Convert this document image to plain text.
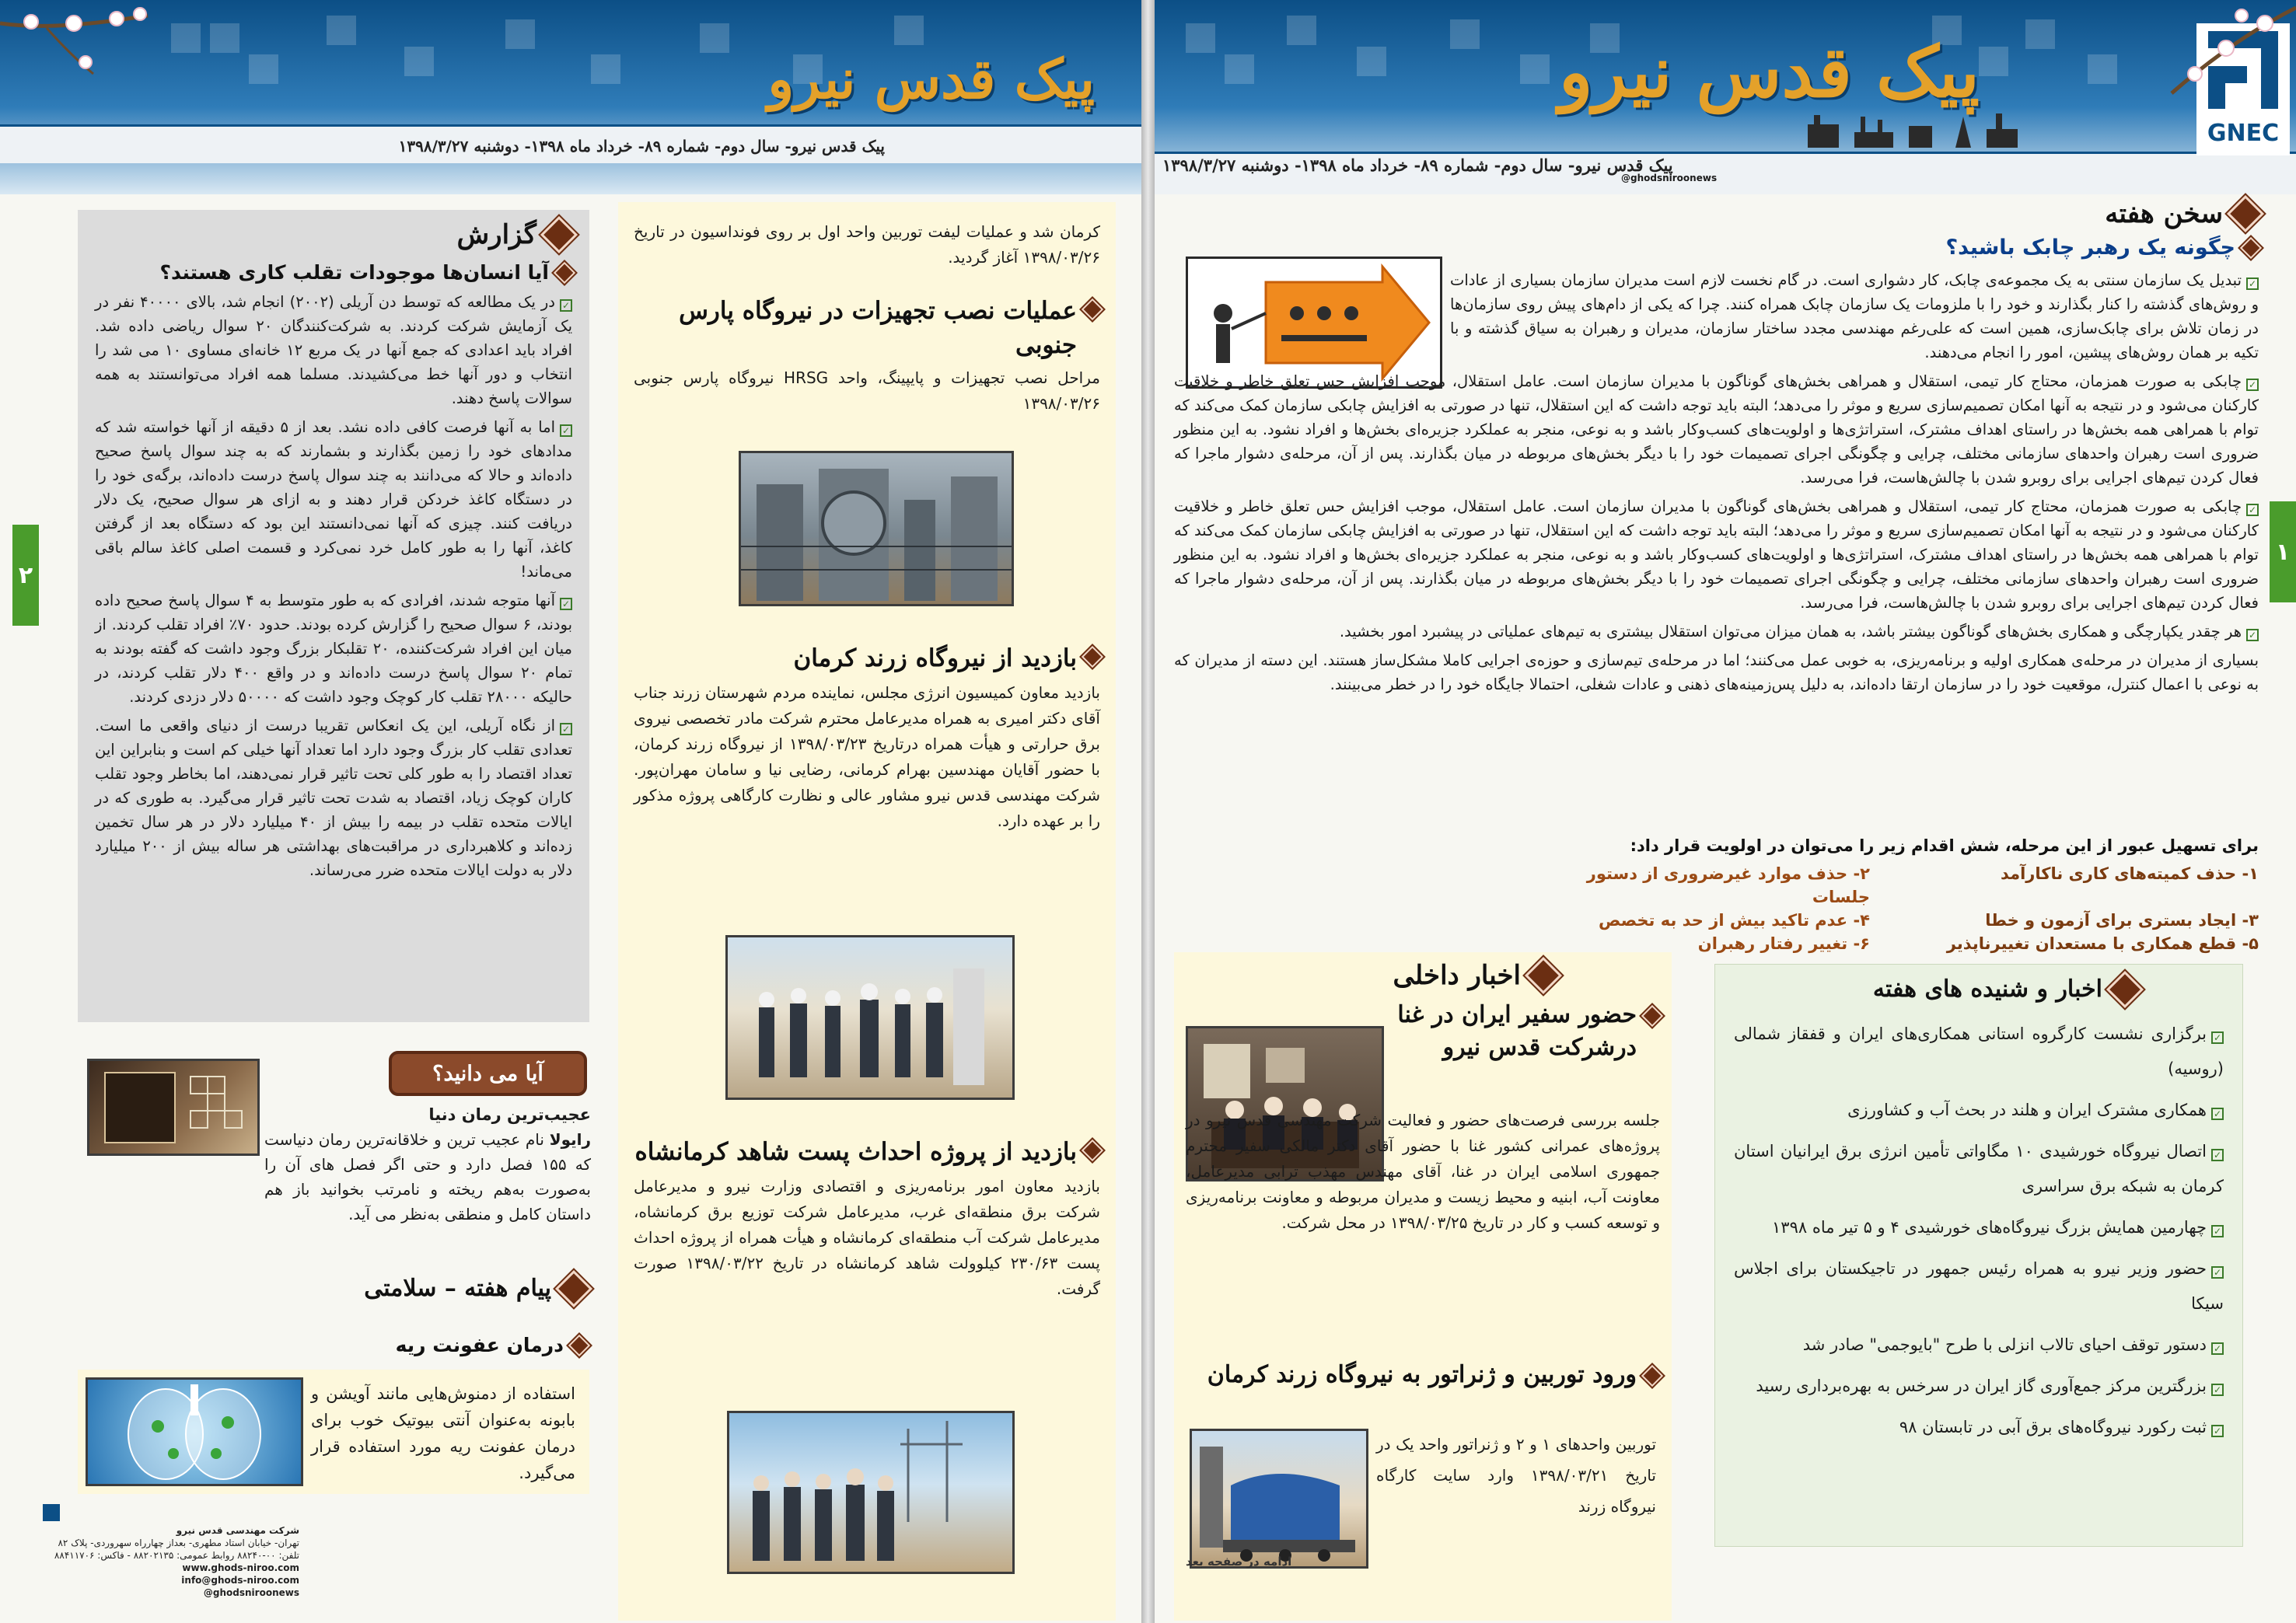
پیک قدس نیرو
پیک قدس نیرو- سال دوم- شماره ۸۹- خرداد ماه ۱۳۹۸- دوشنبه ۱۳۹۸/۳/۲۷
گزارش
آیا انسان‌ها موجودات تقلب کاری هستند؟

✓در یک مطالعه که توسط دن آریلی (۲۰۰۲) انجام شد، بالای ۴۰۰۰۰ نفر در یک آزمایش شرکت کردند. به شرکت‌کنندگان ۲۰ سوال ریاضی داده شد. افراد باید اعدادی که جمع آنها در یک مربع ۱۲ خانه‌ای مساوی ۱۰ می شد را انتخاب و دور آنها خط می‌کشیدند. مسلما همه افراد می‌توانستند به همه سوالات پاسخ دهند.

✓اما به آنها فرصت کافی داده نشد. بعد از ۵ دقیقه از آنها خواسته شد که مدادهای خود را زمین بگذارند و بشمارند که به چند سوال پاسخ صحیح داده‌اند و حالا که می‌دانند به چند سوال پاسخ درست داده‌اند، برگه‌ی خود را در دستگاه کاغذ خردکن قرار دهند و به ازای هر سوال صحیح، یک دلار دریافت کنند. چیزی که آنها نمی‌دانستند این بود که دستگاه بعد از گرفتن کاغذ، آنها را به طور کامل خرد نمی‌کرد و قسمت اصلی کاغذ سالم باقی می‌ماند!

✓آنها متوجه شدند، افرادی که به طور متوسط به ۴ سوال پاسخ صحیح داده بودند، ۶ سوال صحیح را گزارش کرده بودند. حدود ۷۰٪ افراد تقلب کردند. از میان این افراد شرکت‌کننده، ۲۰ تقلبکار بزرگ وجود داشت که گفته بودند به تمام ۲۰ سوال پاسخ درست داده‌اند و در واقع ۴۰۰ دلار تقلب کردند، در حالیکه ۲۸۰۰۰ تقلب کار کوچک وجود داشت که ۵۰۰۰۰ دلار دزدی کردند.

✓از نگاه آریلی، این یک انعکاس تقریبا درست از دنیای واقعی ما است. تعدادی تقلب کار بزرگ وجود دارد اما تعداد آنها خیلی کم است و بنابراین این تعداد اقتصاد را به طور کلی تحت تاثیر قرار نمی‌دهند، اما بخاطر وجود تقلب کاران کوچک زیاد، اقتصاد به شدت تحت تاثیر قرار می‌گیرد. به طوری که در ایالات متحده تقلب در بیمه را بیش از ۴۰ میلیارد دلار در هر سال تخمین زده‌اند و کلاهبرداری در مراقبت‌های بهداشتی هر ساله بیش از ۲۰۰ میلیارد دلار به دولت ایالات متحده ضرر می‌رساند.

آیا می دانید؟
عجیب‌ترین رمان دنیا

رایولا نام عجیب ترین و خلاقانه‌ترین رمان دنیاست که ۱۵۵ فصل دارد و حتی اگر فصل های آن را به‌صورت به‌هم ریخته و نامرتب بخوانید باز هم داستان کامل و منطقی به‌نظر می آید.

پیام هفته – سلامتی
درمان عفونت ریه

استفاده از دمنوش‌هایی مانند آویشن و بابونه به‌عنوان آنتی بیوتیک خوب برای درمان عفونت ریه مورد استفاده قرار می‌گیرد.

شرکت مهندسی قدس نیرو
تهران- خیابان استاد مطهری- بعداز چهارراه سهروردی- پلاک ۸۲
تلفن: ۰۰-۸۸۲۴۰ روابط عمومی: ۸۸۲۰۲۱۳۵ - فاکس: ۸۸۴۱۱۷۰۶
www.ghods-niroo.com
info@ghods-niroo.com
@ghodsniroonews
۲

کرمان شد و عملیات لیفت توربین واحد اول بر روی فونداسیون در تاریخ ۱۳۹۸/۰۳/۲۶ آغاز گردید.

عملیات نصب تجهیزات در نیروگاه پارس جنوبی

مراحل نصب تجهیزات و پایپینگ، واحد HRSG نیروگاه پارس جنوبی ۱۳۹۸/۰۳/۲۶

بازدید از نیروگاه زرند کرمان

بازدید معاون کمیسیون انرژی مجلس، نماینده مردم شهرستان زرند جناب آقای دکتر امیری به همراه مدیرعامل محترم شرکت مادر تخصصی نیروی برق حرارتی و هیأت همراه درتاریخ ۱۳۹۸/۰۳/۲۳ از نیروگاه زرند کرمان، با حضور آقایان مهندسین بهرام کرمانی، رضایی نیا و سامان مهران‌پور. شرکت مهندسی قدس نیرو مشاور عالی و نظارت کارگاهی پروژه مذکور را بر عهده دارد.

بازدید از پروژه احداث پست شاهد کرمانشاه

بازدید معاون امور برنامه‌ریزی و اقتصادی وزارت نیرو و مدیرعامل شرکت برق منطقه‌ای غرب، مدیرعامل شرکت توزیع برق کرمانشاه، مدیرعامل شرکت آب منطقه‌ای کرمانشاه و هیأت همراه از پروژه احداث پست ۲۳۰/۶۳ کیلوولت شاهد کرمانشاه در تاریخ ۱۳۹۸/۰۳/۲۲ صورت گرفت.

GNEC
پیک قدس نیرو
پیک قدس نیرو- سال دوم- شماره ۸۹- خرداد ماه ۱۳۹۸- دوشنبه ۱۳۹۸/۳/۲۷
@ghodsniroonews
۱
سخن هفته
چگونه یک رهبر چابک باشید؟

✓تبدیل یک سازمان سنتی به یک مجموعه‌ی چابک، کار دشواری است. در گام نخست لازم است مدیران سازمان بسیاری از عادات و روش‌های گذشته را کنار بگذارند و خود را با ملزومات یک سازمان چابک همراه کنند. چرا که یکی از دام‌های پیش روی سازمان‌ها در زمان تلاش برای چابک‌سازی، همین است که علی‌رغم مهندسی مجدد ساختار سازمان، مدیران و رهبران به سیاق گذشته و با تکیه بر همان روش‌های پیشین، امور را انجام می‌دهند.

✓چابکی به صورت همزمان، محتاج کار تیمی، استقلال و همراهی بخش‌های گوناگون با مدیران سازمان است. عامل استقلال، موجب افزایش حس تعلق خاطر و خلاقیت کارکنان می‌شود و در نتیجه به آنها امکان تصمیم‌سازی سریع و موثر را می‌دهد؛ البته باید توجه داشت که این استقلال، تنها در صورتی به افزایش چابکی سازمان کمک می‌کند که توام با همراهی همه بخش‌ها در راستای اهداف مشترک، استراتژی‌ها و اولویت‌های کسب‌وکار باشد و به نوعی، منجر به عملکرد جزیره‌ای بخش‌ها و افراد نشود. به این منظور ضروری است رهبران واحدهای سازمانی مختلف، چرایی و چگونگی اجرای تصمیمات خود را با دیگر بخش‌های مربوطه در میان بگذارند. پس از آن، مرحله‌ی دشوار ماجرا که فعال کردن تیم‌های اجرایی برای روبرو شدن با چالش‌هاست، فرا می‌رسد.

✓چابکی به صورت همزمان، محتاج کار تیمی، استقلال و همراهی بخش‌های گوناگون با مدیران سازمان است. عامل استقلال، موجب افزایش حس تعلق خاطر و خلاقیت کارکنان می‌شود و در نتیجه به آنها امکان تصمیم‌سازی سریع و موثر را می‌دهد؛ البته باید توجه داشت که این استقلال، تنها در صورتی به افزایش چابکی سازمان کمک می‌کند که توام با همراهی همه بخش‌ها در راستای اهداف مشترک، استراتژی‌ها و اولویت‌های کسب‌وکار باشد و به نوعی، منجر به عملکرد جزیره‌ای بخش‌ها و افراد نشود. به این منظور ضروری است رهبران واحدهای سازمانی مختلف، چرایی و چگونگی اجرای تصمیمات خود را با دیگر بخش‌های مربوطه در میان بگذارند. پس از آن، مرحله‌ی دشوار ماجرا که فعال کردن تیم‌های اجرایی برای روبرو شدن با چالش‌هاست، فرا می‌رسد.

✓هر چقدر یکپارچگی و همکاری بخش‌های گوناگون بیشتر باشد، به همان میزان می‌توان استقلال بیشتری به تیم‌های عملیاتی در پیشبرد امور بخشید.

بسیاری از مدیران در مرحله‌ی همکاری اولیه و برنامه‌ریزی، به خوبی عمل می‌کنند؛ اما در مرحله‌ی تیم‌سازی و حوزه‌ی اجرایی کاملا مشکل‌ساز هستند. این دسته از مدیران که به نوعی با اعمال کنترل، موقعیت خود را در سازمان ارتقا داده‌اند، به دلیل پس‌زمینه‌های ذهنی و عادات شغلی، احتمالا جایگاه خود را در خطر می‌بینند.

برای تسهیل عبور از این مرحله، شش اقدام زیر را می‌توان در اولویت قرار داد:
۱- حذف کمیته‌های کاری ناکارآمد
۲- حذف موارد غیرضروری از دستور جلسات
۳- ایجاد بستری برای آزمون و خطا
۴- عدم تاکید بیش از حد به تخصص
۵- قطع همکاری با مستعدان تغییرناپذیر
۶- تغییر رفتار رهبران
اخبار داخلی
حضور سفیر ایران در غنا درشرکت قدس نیرو

جلسه بررسی فرصت‌های حضور و فعالیت شرکت مهندسی قدس نیرو در پروژه‌های عمرانی کشور غنا با حضور آقای دکتر مالکی سفیر محترم جمهوری اسلامی ایران در غنا، آقای مهندس مهذب ترابی مدیرعامل، معاونت آب، ابنیه و محیط زیست و مدیران مربوطه و معاونت برنامه‌ریزی و توسعه کسب و کار در تاریخ ۱۳۹۸/۰۳/۲۵ در محل شرکت.

ورود توربین و ژنراتور به نیروگاه زرند کرمان

توربین واحدهای ۱ و ۲ و ژنراتور واحد یک در تاریخ ۱۳۹۸/۰۳/۲۱ وارد سایت کارگاه نیروگاه زرند

ادامه در صفحه بعد
اخبار و شنیده های هفته
✓برگزاری نشست کارگروه استانی همکاری‌های ایران و قفقاز شمالی (روسیه)
✓همکاری مشترک ایران و هلند در بحث آب و کشاورزی
✓اتصال نیروگاه خورشیدی ۱۰ مگاواتی تأمین انرژی برق ایرانیان استان کرمان به شبکه برق سراسری
✓چهارمین همایش بزرگ نیروگاه‌های خورشیدی ۴ و ۵ تیر ماه ۱۳۹۸
✓حضور وزیر نیرو به همراه رئیس جمهور در تاجیکستان برای اجلاس سیکا
✓دستور توقف احیای تالاب انزلی با طرح "بایوجمی" صادر شد
✓بزرگترین مرکز جمع‌آوری گاز ایران در سرخس به بهره‌برداری رسید
✓ثبت رکورد نیروگاه‌های برق آبی در تابستان ۹۸
